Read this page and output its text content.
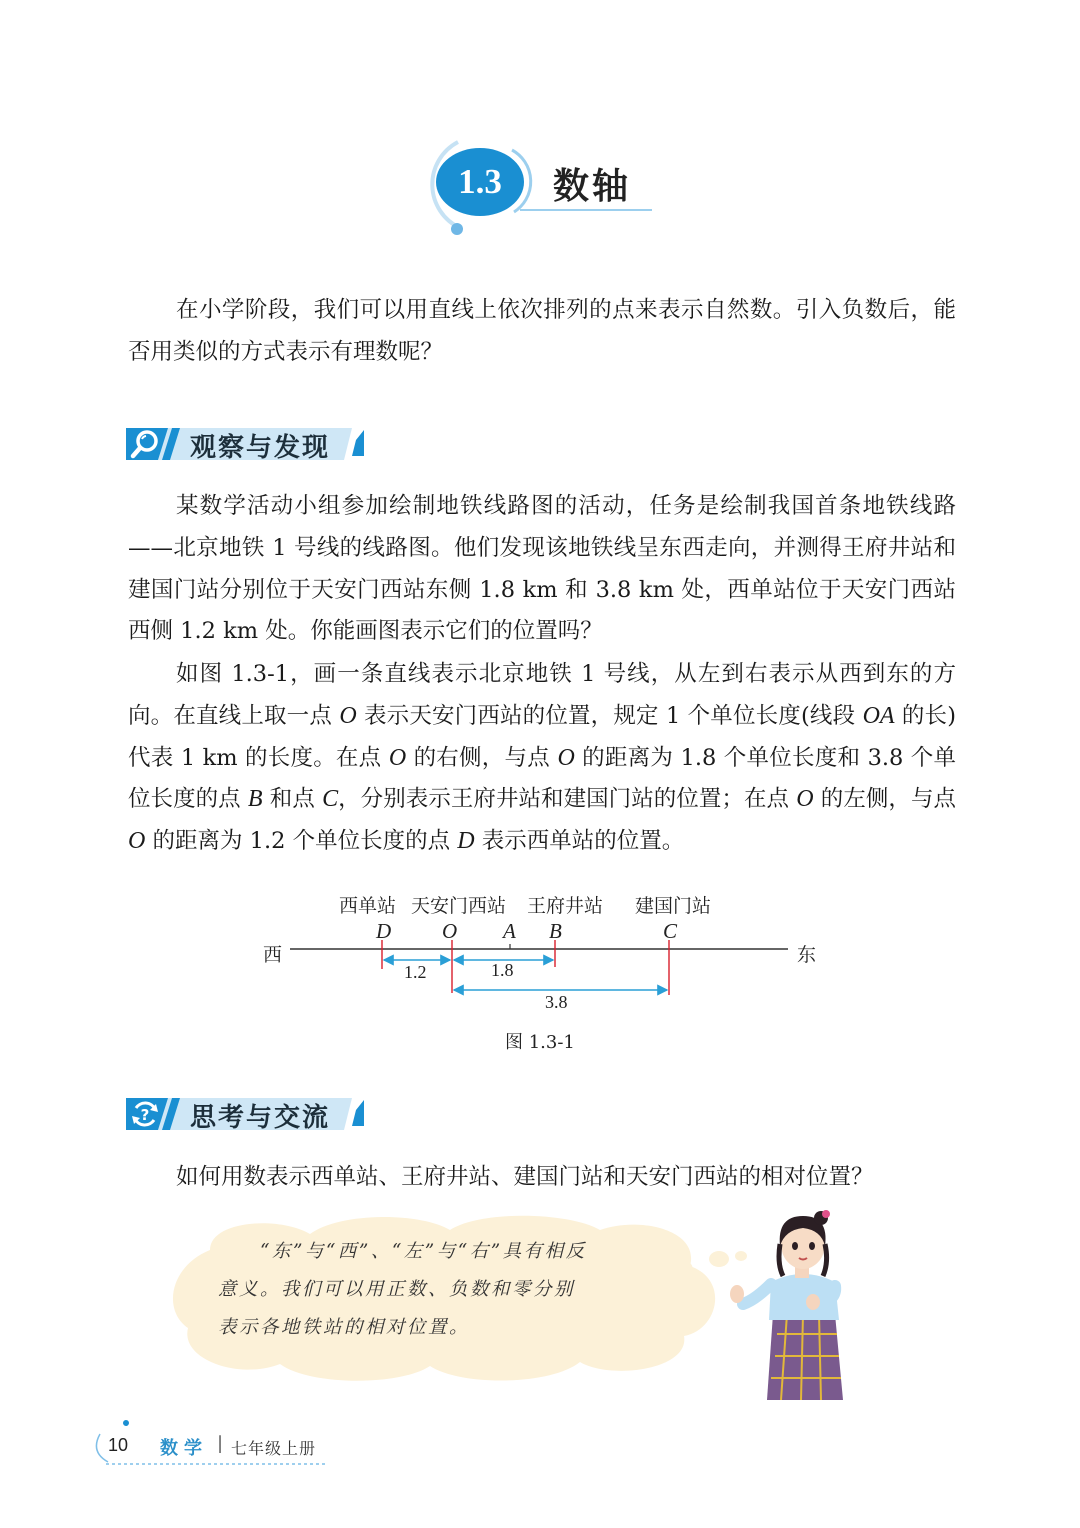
1.3	数轴
在小学阶段，我们可以用直线上依次排列的点来表示自然数。引入负数后，能否用类似的方式表示有理数呢？
观察与发现
某数学活动小组参加绘制地铁线路图的活动，任务是绘制我国首条地铁线路——北京地铁 1 号线的线路图。他们发现该地铁线呈东西走向，并测得王府井站和建国门站分别位于天安门西站东侧 1.8 km 和 3.8 km 处，西单站位于天安门西站西侧 1.2 km 处。你能画图表示它们的位置吗？
如图 1.3-1，画一条直线表示北京地铁 1 号线，从左到右表示从西到东的方向。在直线上取一点 O 表示天安门西站的位置，规定 1 个单位长度(线段 OA 的长)代表 1 km 的长度。在点 O 的右侧，与点 O 的距离为 1.8 个单位长度和 3.8 个单位长度的点 B 和点 C，分别表示王府井站和建国门站的位置；在点 O 的左侧，与点 O 的距离为 1.2 个单位长度的点 D 表示西单站的位置。
西单站 天安门西站 王府井站 建国门站
D O A B	C
西	东
1.2	1.8
3.8
图 1.3-1
? 思考与交流
如何用数表示西单站、王府井站、建国门站和天安门西站的相对位置？
　　“东”与“西”、“左”与“右”具有相反意义。我们可以用正数、负数和零分别表示各地铁站的相对位置。
10 数学 | 七年级上册
